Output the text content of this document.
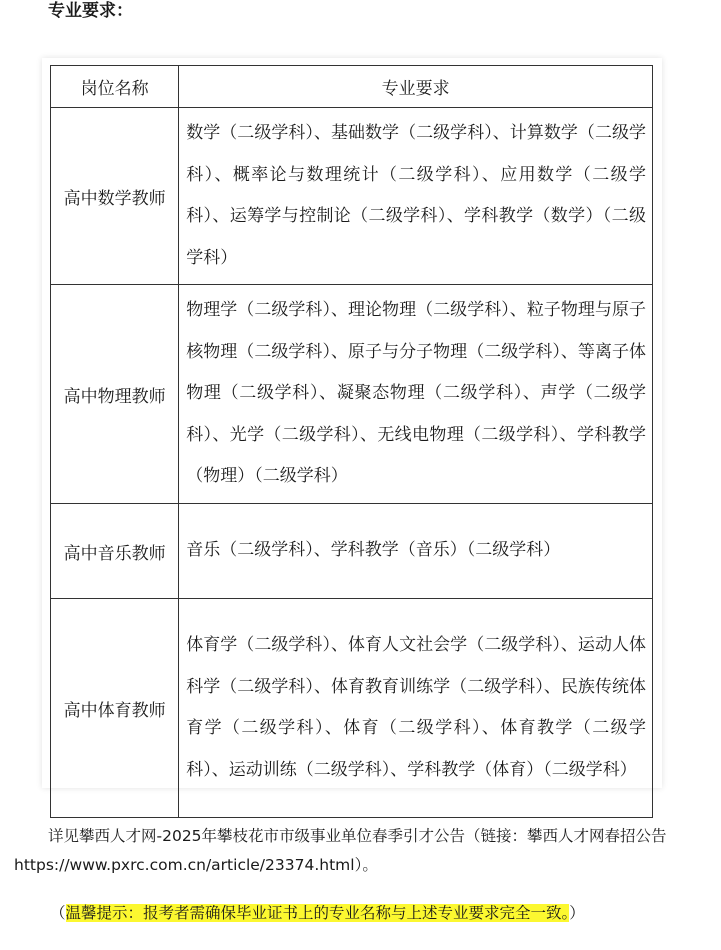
专业要求：
岗位名称	专业要求
高中数学教师	数学（二级学科）、基础数学（二级学科）、计算数学（二级学科）、概率论与数理统计（二级学科）、应用数学（二级学科）、运筹学与控制论（二级学科）、学科教学（数学）（二级学科）
高中物理教师	物理学（二级学科）、理论物理（二级学科）、粒子物理与原子核物理（二级学科）、原子与分子物理（二级学科）、等离子体物理（二级学科）、凝聚态物理（二级学科）、声学（二级学科）、光学（二级学科）、无线电物理（二级学科）、学科教学（物理）（二级学科）
高中音乐教师	音乐（二级学科）、学科教学（音乐）（二级学科）
高中体育教师	体育学（二级学科）、体育人文社会学（二级学科）、运动人体科学（二级学科）、体育教育训练学（二级学科）、民族传统体育学（二级学科）、体育（二级学科）、体育教学（二级学科）、运动训练（二级学科）、学科教学（体育）（二级学科）
详见攀西人才网-2025年攀枝花市市级事业单位春季引才公告（链接：攀西人才网春招公告https://www.pxrc.com.cn/article/23374.html）。
（温馨提示：报考者需确保毕业证书上的专业名称与上述专业要求完全一致。）
